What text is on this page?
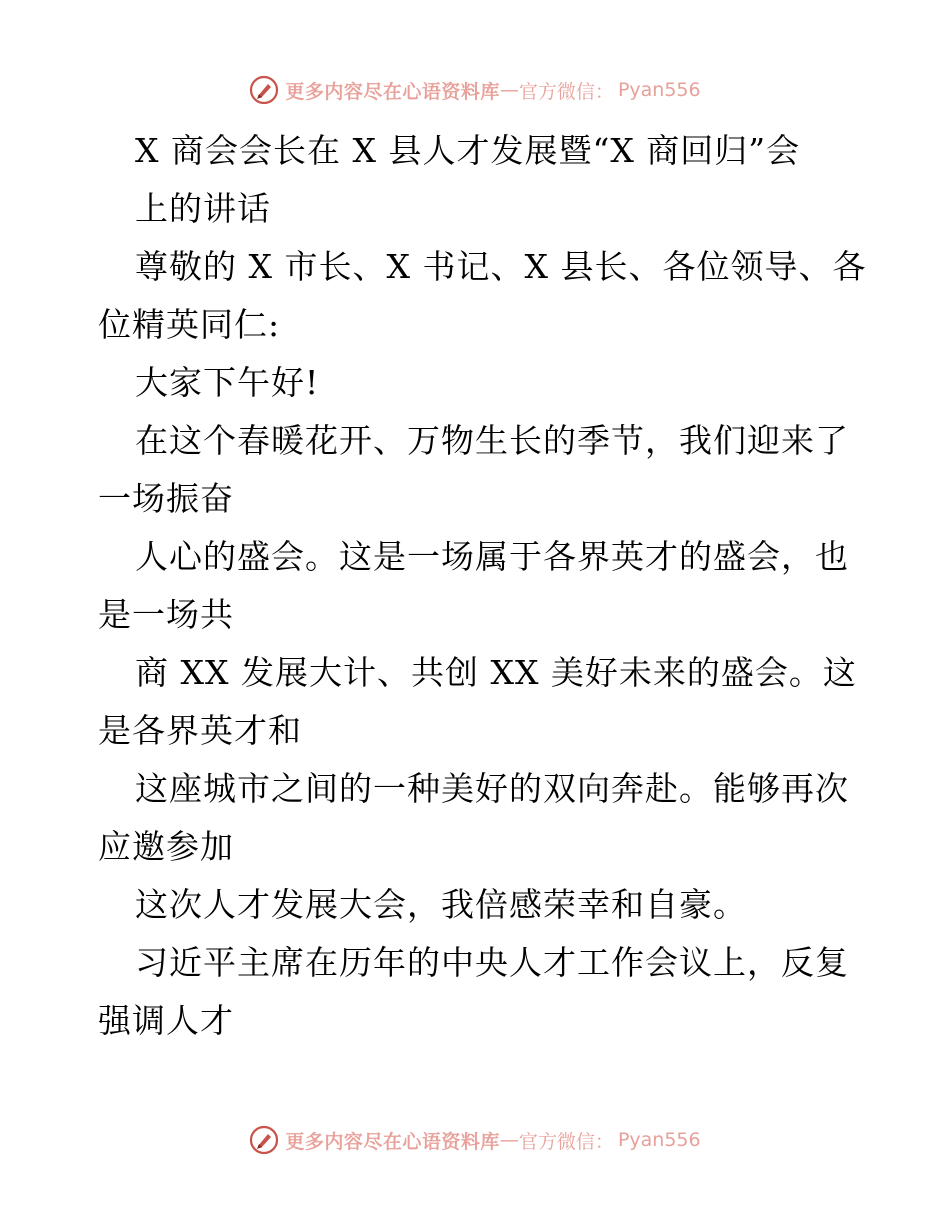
更多内容尽在心语资料库 — 官方微信： Pyan556
X 商会会长在 X 县人才发展暨“X 商回归”会
上的讲话
尊敬的 X 市长、X 书记、X 县长、各位领导、各
位精英同仁:
大家下午好!
在这个春暖花开、万物生长的季节，我们迎来了
一场振奋
人心的盛会。这是一场属于各界英才的盛会，也
是一场共
商 XX 发展大计、共创 XX 美好未来的盛会。这
是各界英才和
这座城市之间的一种美好的双向奔赴。能够再次
应邀参加
这次人才发展大会，我倍感荣幸和自豪。
习近平主席在历年的中央人才工作会议上，反复
强调人才
更多内容尽在心语资料库 — 官方微信： Pyan556
